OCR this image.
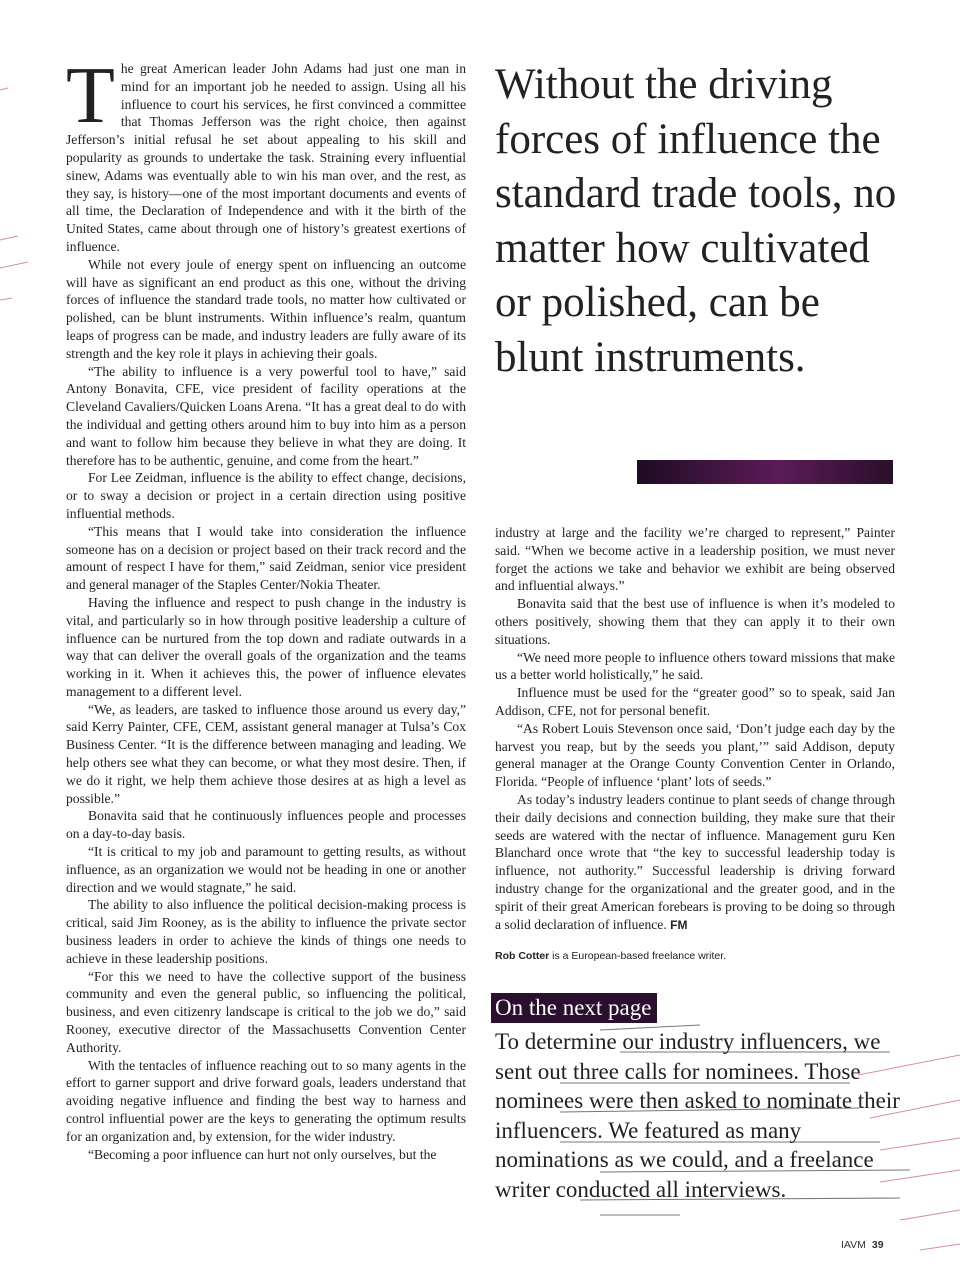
The great American leader John Adams had just one man in mind for an important job he needed to assign. Using all his influence to court his services, he first convinced a committee that Thomas Jefferson was the right choice, then against Jefferson’s initial refusal he set about appealing to his skill and popularity as grounds to undertake the task. Straining every influential sinew, Adams was eventually able to win his man over, and the rest, as they say, is history—one of the most important documents and events of all time, the Declaration of Independence and with it the birth of the United States, came about through one of history’s greatest exertions of influence.

While not every joule of energy spent on influencing an outcome will have as significant an end product as this one, without the driving forces of influence the standard trade tools, no matter how cultivated or polished, can be blunt instruments. Within influence’s realm, quantum leaps of progress can be made, and industry leaders are fully aware of its strength and the key role it plays in achieving their goals.

“The ability to influence is a very powerful tool to have,” said Antony Bonavita, CFE, vice president of facility operations at the Cleveland Cavaliers/Quicken Loans Arena. “It has a great deal to do with the individual and getting others around him to buy into him as a person and want to follow him because they believe in what they are doing. It therefore has to be authentic, genuine, and come from the heart.”

For Lee Zeidman, influence is the ability to effect change, decisions, or to sway a decision or project in a certain direction using positive influential methods.

“This means that I would take into consideration the influence someone has on a decision or project based on their track record and the amount of respect I have for them,” said Zeidman, senior vice president and general manager of the Staples Center/Nokia Theater.

Having the influence and respect to push change in the industry is vital, and particularly so in how through positive leadership a culture of influence can be nurtured from the top down and radiate outwards in a way that can deliver the overall goals of the organization and the teams working in it. When it achieves this, the power of influence elevates management to a different level.

“We, as leaders, are tasked to influence those around us every day,” said Kerry Painter, CFE, CEM, assistant general manager at Tulsa’s Cox Business Center. “It is the difference between managing and leading. We help others see what they can become, or what they most desire. Then, if we do it right, we help them achieve those desires at as high a level as possible.”

Bonavita said that he continuously influences people and processes on a day-to-day basis.

“It is critical to my job and paramount to getting results, as without influence, as an organization we would not be heading in one or another direction and we would stagnate,” he said.

The ability to also influence the political decision-making process is critical, said Jim Rooney, as is the ability to influence the private sector business leaders in order to achieve the kinds of things one needs to achieve in these leadership positions.

“For this we need to have the collective support of the business community and even the general public, so influencing the political, business, and even citizenry landscape is critical to the job we do,” said Rooney, executive director of the Massachusetts Convention Center Authority.

With the tentacles of influence reaching out to so many agents in the effort to garner support and drive forward goals, leaders understand that avoiding negative influence and finding the best way to harness and control influential power are the keys to generating the optimum results for an organization and, by extension, for the wider industry.

“Becoming a poor influence can hurt not only ourselves, but the

Without the driving forces of influence the standard trade tools, no matter how cultivated or polished, can be blunt instruments.

industry at large and the facility we’re charged to represent,” Painter said. “When we become active in a leadership position, we must never forget the actions we take and behavior we exhibit are being observed and influential always.”

Bonavita said that the best use of influence is when it’s modeled to others positively, showing them that they can apply it to their own situations.

“We need more people to influence others toward missions that make us a better world holistically,” he said.

Influence must be used for the “greater good” so to speak, said Jan Addison, CFE, not for personal benefit.

“As Robert Louis Stevenson once said, ‘Don’t judge each day by the harvest you reap, but by the seeds you plant,’” said Addison, deputy general manager at the Orange County Convention Center in Orlando, Florida. “People of influence ‘plant’ lots of seeds.”

As today’s industry leaders continue to plant seeds of change through their daily decisions and connection building, they make sure that their seeds are watered with the nectar of influence. Management guru Ken Blanchard once wrote that “the key to successful leadership today is influence, not authority.” Successful leadership is driving forward industry change for the organizational and the greater good, and in the spirit of their great American forebears is proving to be doing so through a solid declaration of influence. FM

Rob Cotter is a European-based freelance writer.
On the next page

To determine our industry influencers, we sent out three calls for nominees. Those nominees were then asked to nominate their influencers. We featured as many nominations as we could, and a freelance writer conducted all interviews.

IAVM 39
